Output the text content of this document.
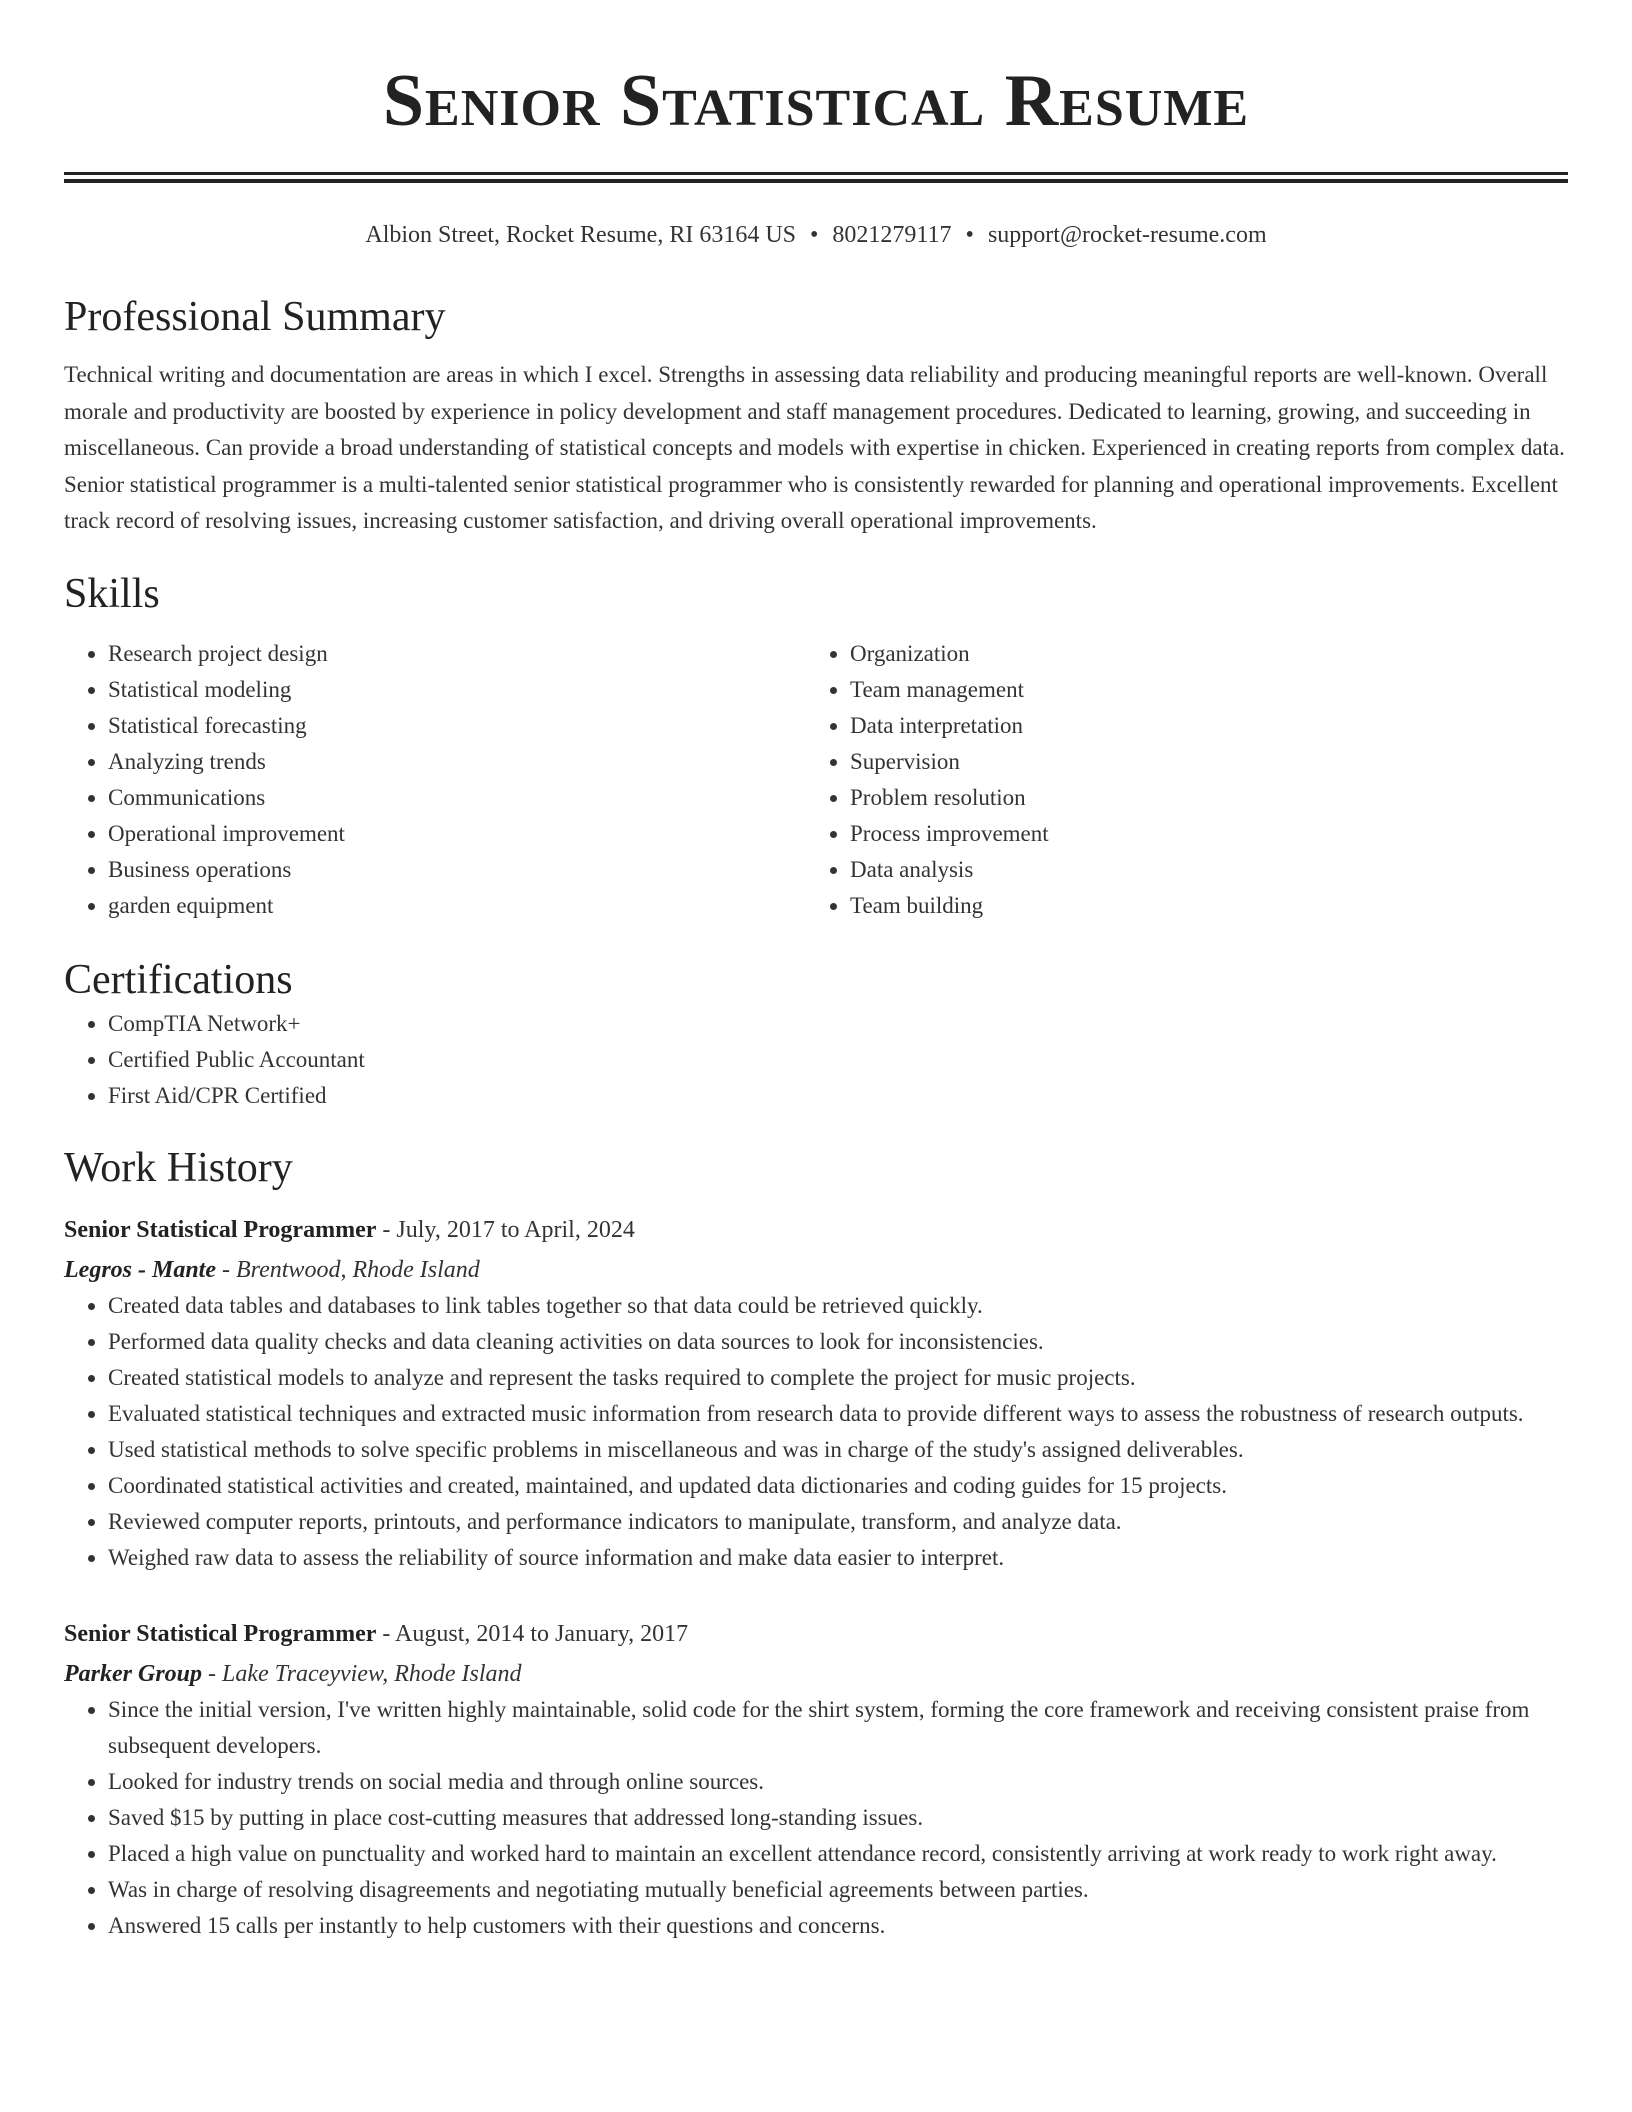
Senior Statistical Resume
Albion Street, Rocket Resume, RI 63164 US • 8021279117 • support@rocket-resume.com
Professional Summary

Technical writing and documentation are areas in which I excel. Strengths in assessing data reliability and producing meaningful reports are well-known. Overall morale and productivity are boosted by experience in policy development and staff management procedures. Dedicated to learning, growing, and succeeding in miscellaneous. Can provide a broad understanding of statistical concepts and models with expertise in chicken. Experienced in creating reports from complex data. Senior statistical programmer is a multi-talented senior statistical programmer who is consistently rewarded for planning and operational improvements. Excellent track record of resolving issues, increasing customer satisfaction, and driving overall operational improvements.

Skills
• Research project design
• Statistical modeling
• Statistical forecasting
• Analyzing trends
• Communications
• Operational improvement
• Business operations
• garden equipment
• Organization
• Team management
• Data interpretation
• Supervision
• Problem resolution
• Process improvement
• Data analysis
• Team building
Certifications
• CompTIA Network+
• Certified Public Accountant
• First Aid/CPR Certified
Work History
Senior Statistical Programmer - July, 2017 to April, 2024
Legros - Mante - Brentwood, Rhode Island
• Created data tables and databases to link tables together so that data could be retrieved quickly.
• Performed data quality checks and data cleaning activities on data sources to look for inconsistencies.
• Created statistical models to analyze and represent the tasks required to complete the project for music projects.
• Evaluated statistical techniques and extracted music information from research data to provide different ways to assess the robustness of research outputs.
• Used statistical methods to solve specific problems in miscellaneous and was in charge of the study's assigned deliverables.
• Coordinated statistical activities and created, maintained, and updated data dictionaries and coding guides for 15 projects.
• Reviewed computer reports, printouts, and performance indicators to manipulate, transform, and analyze data.
• Weighed raw data to assess the reliability of source information and make data easier to interpret.
Senior Statistical Programmer - August, 2014 to January, 2017
Parker Group - Lake Traceyview, Rhode Island
• Since the initial version, I've written highly maintainable, solid code for the shirt system, forming the core framework and receiving consistent praise from subsequent developers.
• Looked for industry trends on social media and through online sources.
• Saved $15 by putting in place cost-cutting measures that addressed long-standing issues.
• Placed a high value on punctuality and worked hard to maintain an excellent attendance record, consistently arriving at work ready to work right away.
• Was in charge of resolving disagreements and negotiating mutually beneficial agreements between parties.
• Answered 15 calls per instantly to help customers with their questions and concerns.
